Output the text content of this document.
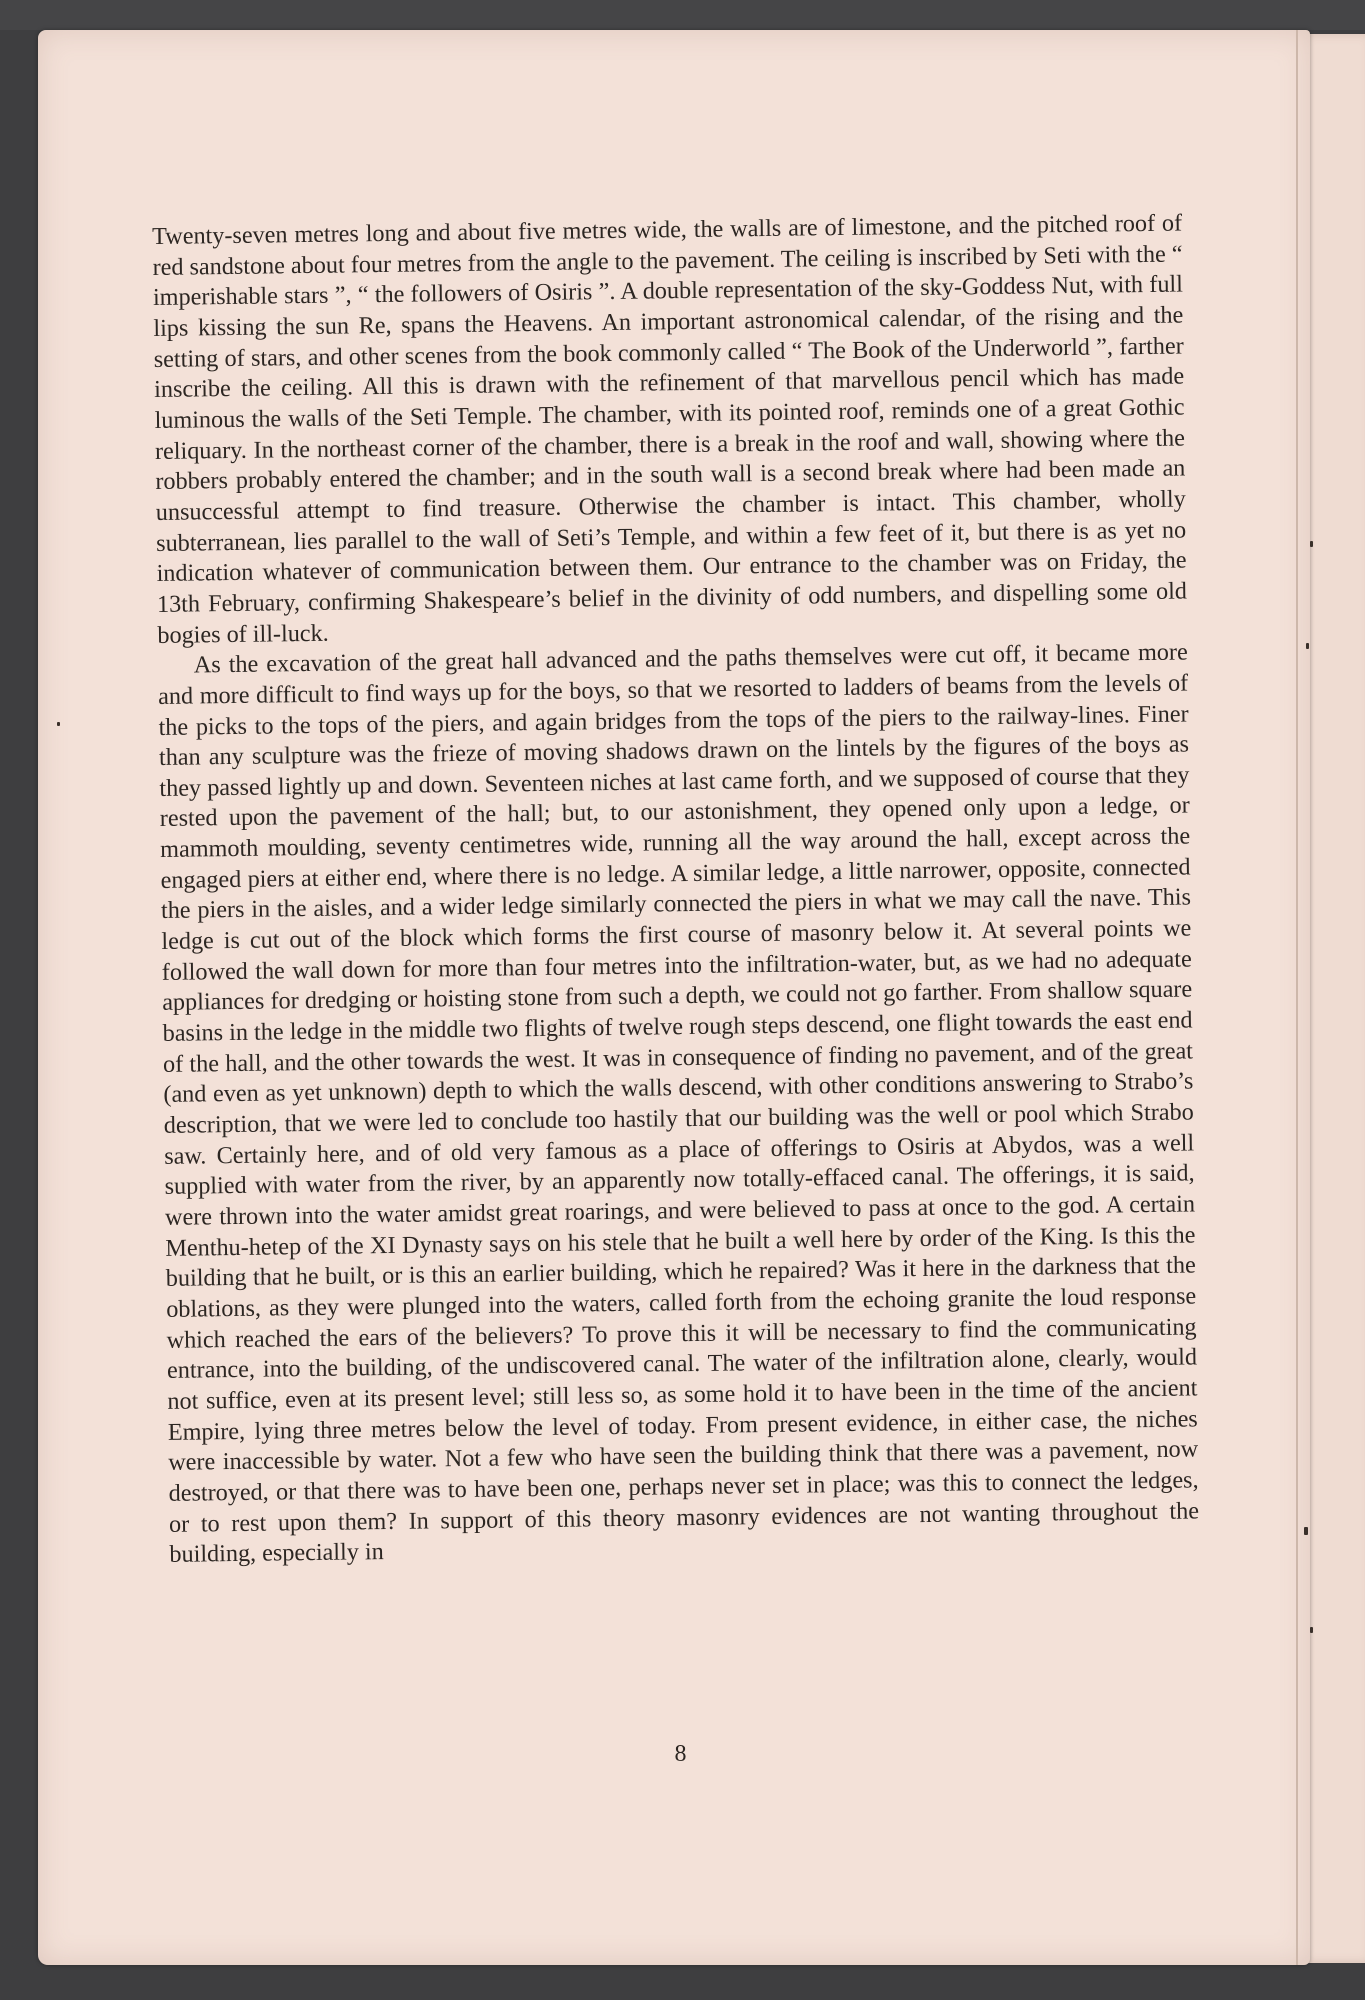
Twenty-seven metres long and about five metres wide, the walls are of limestone, and the pitched roof of red sandstone about four metres from the angle to the pavement. The ceiling is inscribed by Seti with the “ imperishable stars ”, “ the followers of Osiris ”. A double representation of the sky-Goddess Nut, with full lips kissing the sun Re, spans the Heavens. An important astronomical calendar, of the rising and the setting of stars, and other scenes from the book commonly called “ The Book of the Underworld ”, farther inscribe the ceiling. All this is drawn with the refinement of that marvellous pencil which has made luminous the walls of the Seti Temple. The chamber, with its pointed roof, reminds one of a great Gothic reliquary. In the northeast corner of the chamber, there is a break in the roof and wall, showing where the robbers probably entered the chamber; and in the south wall is a second break where had been made an unsuccessful attempt to find treasure. Otherwise the chamber is intact. This chamber, wholly subterranean, lies parallel to the wall of Seti’s Temple, and within a few feet of it, but there is as yet no indication whatever of communication between them. Our entrance to the chamber was on Friday, the 13th February, confirming Shakespeare’s belief in the divinity of odd numbers, and dispelling some old bogies of ill-luck.

As the excavation of the great hall advanced and the paths themselves were cut off, it became more and more difficult to find ways up for the boys, so that we resorted to ladders of beams from the levels of the picks to the tops of the piers, and again bridges from the tops of the piers to the railway-lines. Finer than any sculpture was the frieze of moving shadows drawn on the lintels by the figures of the boys as they passed lightly up and down. Seventeen niches at last came forth, and we supposed of course that they rested upon the pavement of the hall; but, to our astonishment, they opened only upon a ledge, or mammoth moulding, seventy centimetres wide, running all the way around the hall, except across the engaged piers at either end, where there is no ledge. A similar ledge, a little narrower, opposite, connected the piers in the aisles, and a wider ledge similarly connected the piers in what we may call the nave. This ledge is cut out of the block which forms the first course of masonry below it. At several points we followed the wall down for more than four metres into the infiltration-water, but, as we had no adequate appliances for dredging or hoisting stone from such a depth, we could not go farther. From shallow square basins in the ledge in the middle two flights of twelve rough steps descend, one flight towards the east end of the hall, and the other towards the west. It was in consequence of finding no pavement, and of the great (and even as yet unknown) depth to which the walls descend, with other conditions answering to Strabo’s description, that we were led to conclude too hastily that our building was the well or pool which Strabo saw. Certainly here, and of old very famous as a place of offerings to Osiris at Abydos, was a well supplied with water from the river, by an apparently now totally-effaced canal. The offerings, it is said, were thrown into the water amidst great roarings, and were believed to pass at once to the god. A certain Menthu-hetep of the XI Dynasty says on his stele that he built a well here by order of the King. Is this the building that he built, or is this an earlier building, which he repaired? Was it here in the darkness that the oblations, as they were plunged into the waters, called forth from the echoing granite the loud response which reached the ears of the believers? To prove this it will be necessary to find the communicating entrance, into the building, of the undiscovered canal. The water of the infiltration alone, clearly, would not suffice, even at its present level; still less so, as some hold it to have been in the time of the ancient Empire, lying three metres below the level of today. From present evidence, in either case, the niches were inaccessible by water. Not a few who have seen the building think that there was a pavement, now destroyed, or that there was to have been one, perhaps never set in place; was this to connect the ledges, or to rest upon them? In support of this theory masonry evidences are not wanting throughout the building, especially in

8
